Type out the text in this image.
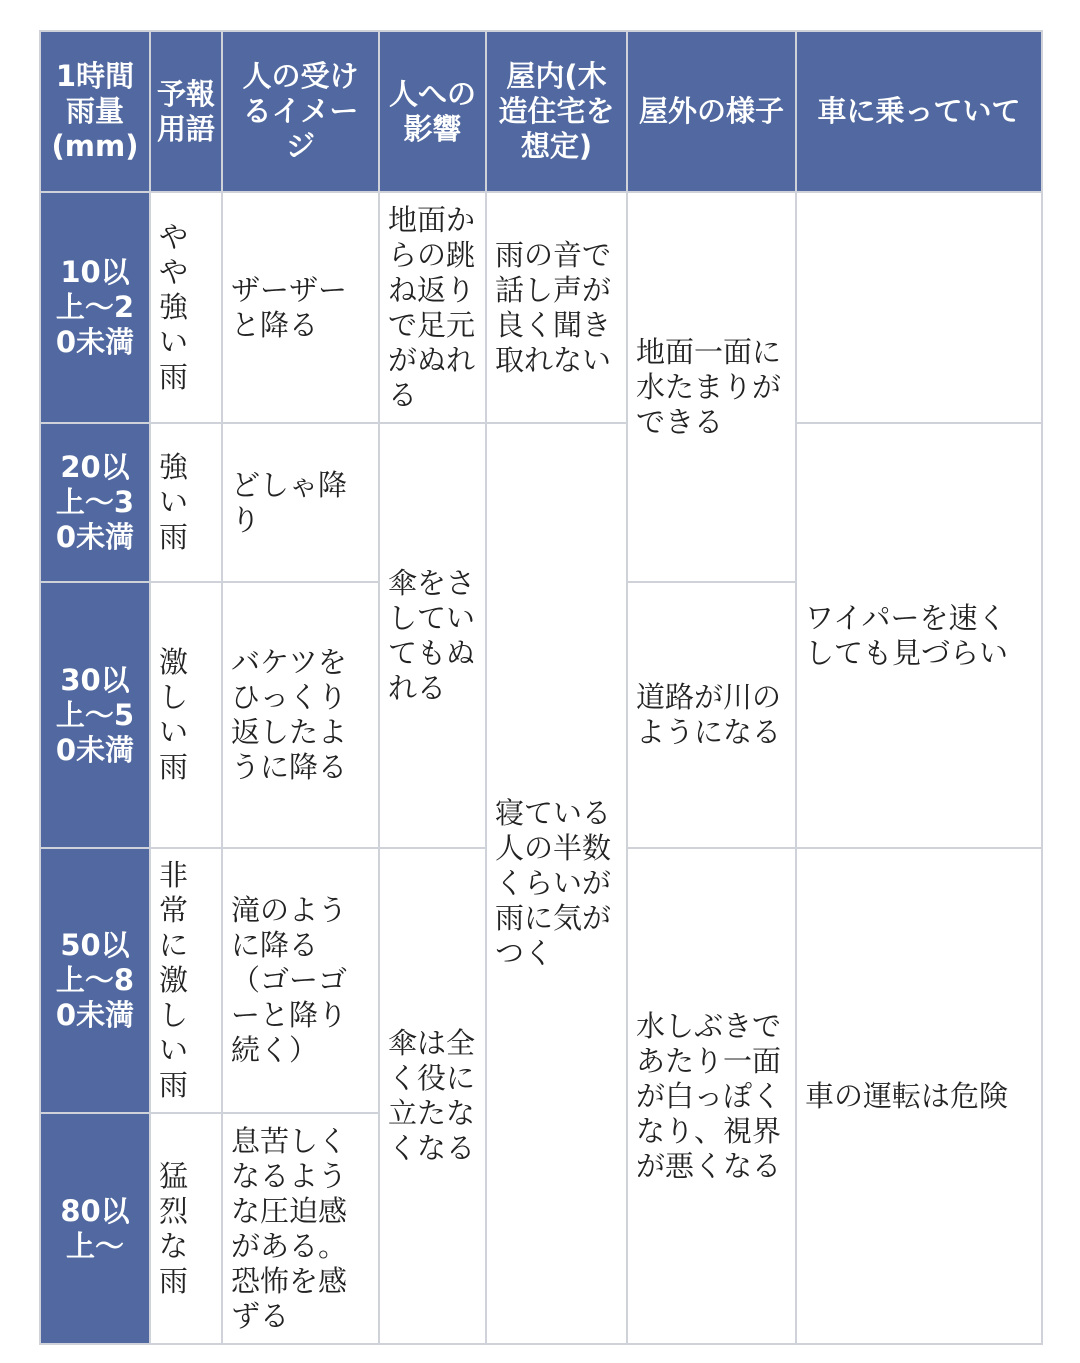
1時間雨量(mm)	予報用語	人の受けるイメージ	人への影響	屋内(木造住宅を想定)	屋外の様子	車に乗っていて
10以上〜20未満	やや強い雨	ザーザーと降る	地面からの跳ね返りで足元がぬれる	雨の音で話し声が良く聞き取れない	地面一面に水たまりができる	
20以上〜30未満	強い雨	どしゃ降り	傘をさしていてもぬれる	寝ている人の半数くらいが雨に気がつく		ワイパーを速くしても見づらい
30以上〜50未満	激しい雨	バケツをひっくり返したように降る			道路が川のようになる	
50以上〜80未満	非常に激しい雨	滝のように降る（ゴーゴーと降り続く）	傘は全く役に立たなくなる		水しぶきであたり一面が白っぽくなり、視界が悪くなる	車の運転は危険
80以上〜	猛烈な雨	息苦しくなるような圧迫感がある。恐怖を感ずる				
